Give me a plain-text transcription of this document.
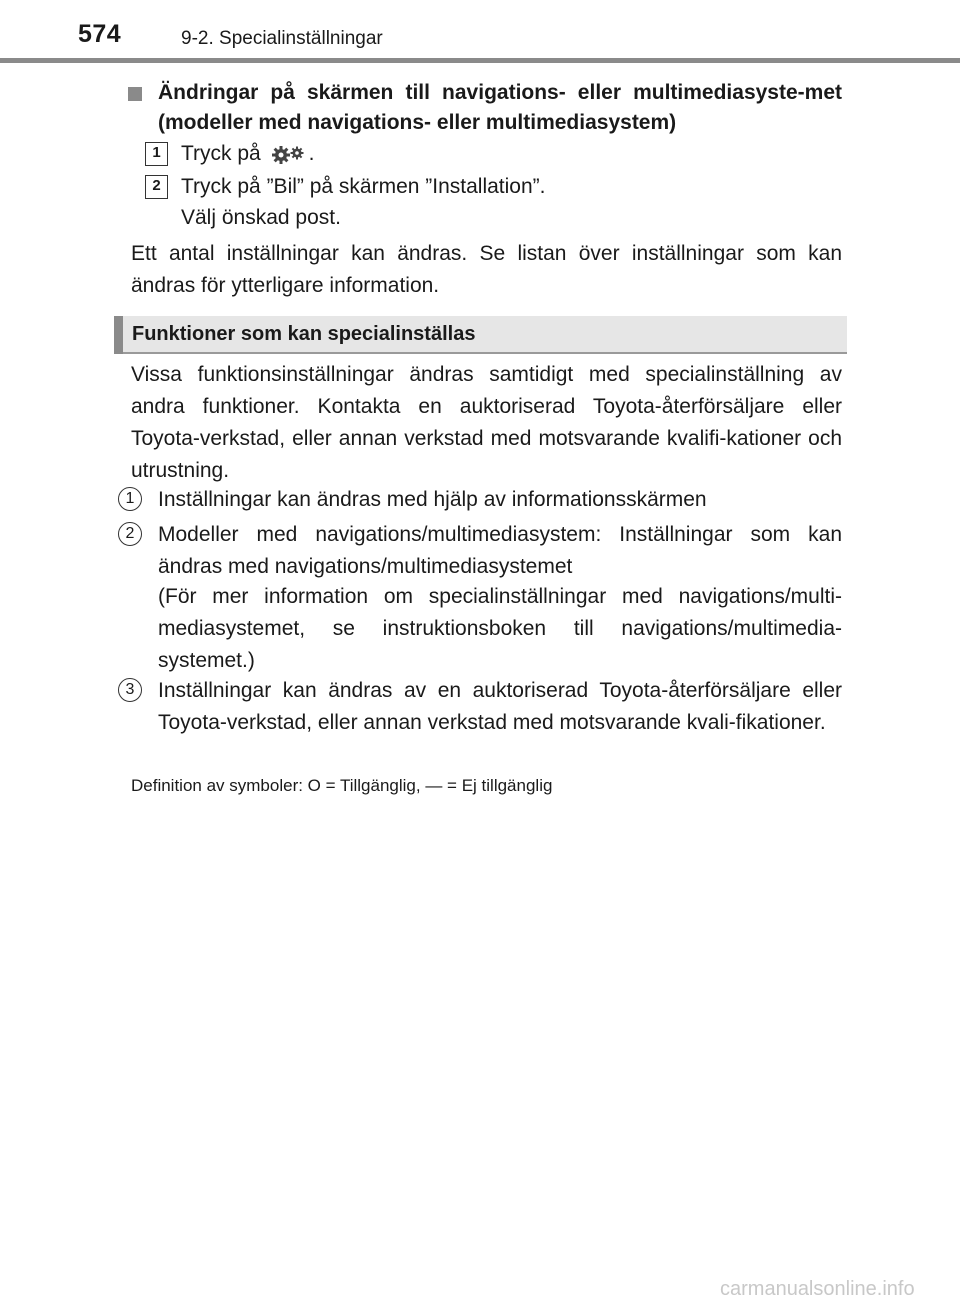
574	9-2. Specialinställningar
Ändringar på skärmen till navigations- eller multimediasyste-met (modeller med navigations- eller multimediasystem)
1 Tryck på .
2 Tryck på ”Bil” på skärmen ”Installation”.
Välj önskad post.
Ett antal inställningar kan ändras. Se listan över inställningar som kan ändras för ytterligare information.
Funktioner som kan specialinställas
Vissa funktionsinställningar ändras samtidigt med specialinställning av andra funktioner. Kontakta en auktoriserad Toyota-återförsäljare eller Toyota-verkstad, eller annan verkstad med motsvarande kvalifi-kationer och utrustning.
1	Inställningar kan ändras med hjälp av informationsskärmen
2	Modeller med navigations/multimediasystem: Inställningar som kan ändras med navigations/multimediasystemet
(För mer information om specialinställningar med navigations/multi-mediasystemet, se instruktionsboken till navigations/multimedia-systemet.)
3	Inställningar kan ändras av en auktoriserad Toyota-återförsäljare eller Toyota-verkstad, eller annan verkstad med motsvarande kvali-fikationer.
Definition av symboler: O = Tillgänglig, — = Ej tillgänglig
carmanualsonline.info
